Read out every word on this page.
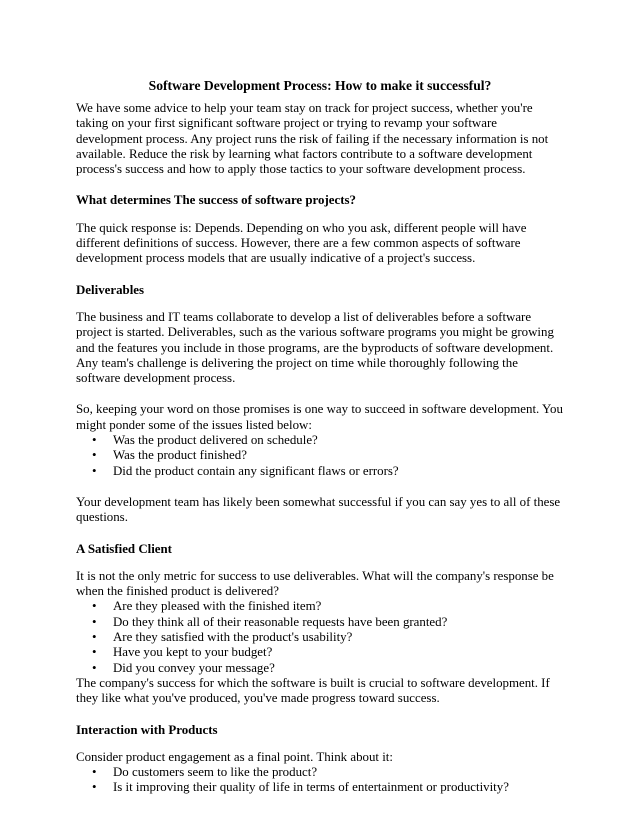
Software Development Process: How to make it successful?

We have some advice to help your team stay on track for project success, whether you're taking on your first significant software project or trying to revamp your software development process. Any project runs the risk of failing if the necessary information is not available. Reduce the risk by learning what factors contribute to a software development process's success and how to apply those tactics to your software development process.

What determines The success of software projects?

The quick response is: Depends. Depending on who you ask, different people will have different definitions of success. However, there are a few common aspects of software development process models that are usually indicative of a project's success.

Deliverables

The business and IT teams collaborate to develop a list of deliverables before a software project is started. Deliverables, such as the various software programs you might be growing and the features you include in those programs, are the byproducts of software development. Any team's challenge is delivering the project on time while thoroughly following the software development process.

So, keeping your word on those promises is one way to succeed in software development. You might ponder some of the issues listed below:

• Was the product delivered on schedule?
• Was the product finished?
• Did the product contain any significant flaws or errors?

Your development team has likely been somewhat successful if you can say yes to all of these questions.

A Satisfied Client

It is not the only metric for success to use deliverables. What will the company's response be when the finished product is delivered?

• Are they pleased with the finished item?
• Do they think all of their reasonable requests have been granted?
• Are they satisfied with the product's usability?
• Have you kept to your budget?
• Did you convey your message?

The company's success for which the software is built is crucial to software development. If they like what you've produced, you've made progress toward success.

Interaction with Products

Consider product engagement as a final point. Think about it:

• Do customers seem to like the product?
• Is it improving their quality of life in terms of entertainment or productivity?
